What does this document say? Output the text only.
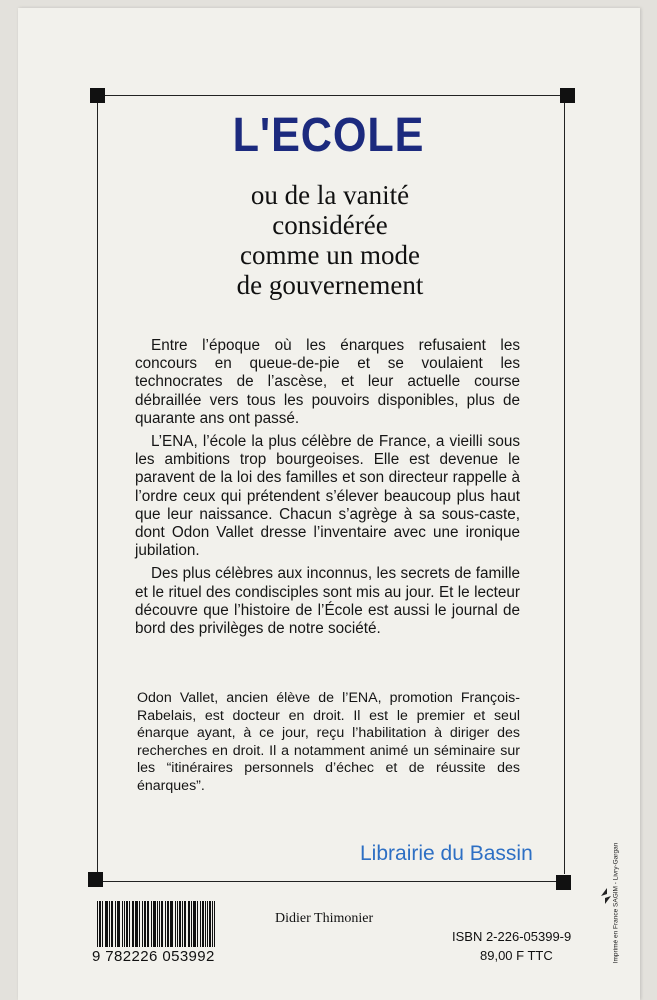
L'ECOLE
ou de la vanité
considérée
comme un mode
de gouvernement

Entre l’époque où les énarques refusaient les concours en queue-de-pie et se voulaient les technocrates de l’ascèse, et leur actuelle course débraillée vers tous les pouvoirs disponibles, plus de quarante ans ont passé.

L’ENA, l’école la plus célèbre de France, a vieilli sous les ambitions trop bourgeoises. Elle est devenue le paravent de la loi des familles et son directeur rappelle à l’ordre ceux qui prétendent s’élever beaucoup plus haut que leur naissance. Chacun s’agrège à sa sous-caste, dont Odon Vallet dresse l’inventaire avec une ironique jubilation.

Des plus célèbres aux inconnus, les secrets de famille et le rituel des condisciples sont mis au jour. Et le lecteur découvre que l’histoire de l’École est aussi le journal de bord des privilèges de notre société.

Odon Vallet, ancien élève de l’ENA, promotion François-Rabelais, est docteur en droit. Il est le premier et seul énarque ayant, à ce jour, reçu l’habilitation à diriger des recherches en droit. Il a notamment animé un séminaire sur les “itinéraires personnels d’échec et de réussite des énarques”.

Librairie du Bassin
9 782226 053992
Didier Thimonier
ISBN 2-226-05399-9
89,00 F TTC	Imprimé en France SAGIM - Livry-Gargan
